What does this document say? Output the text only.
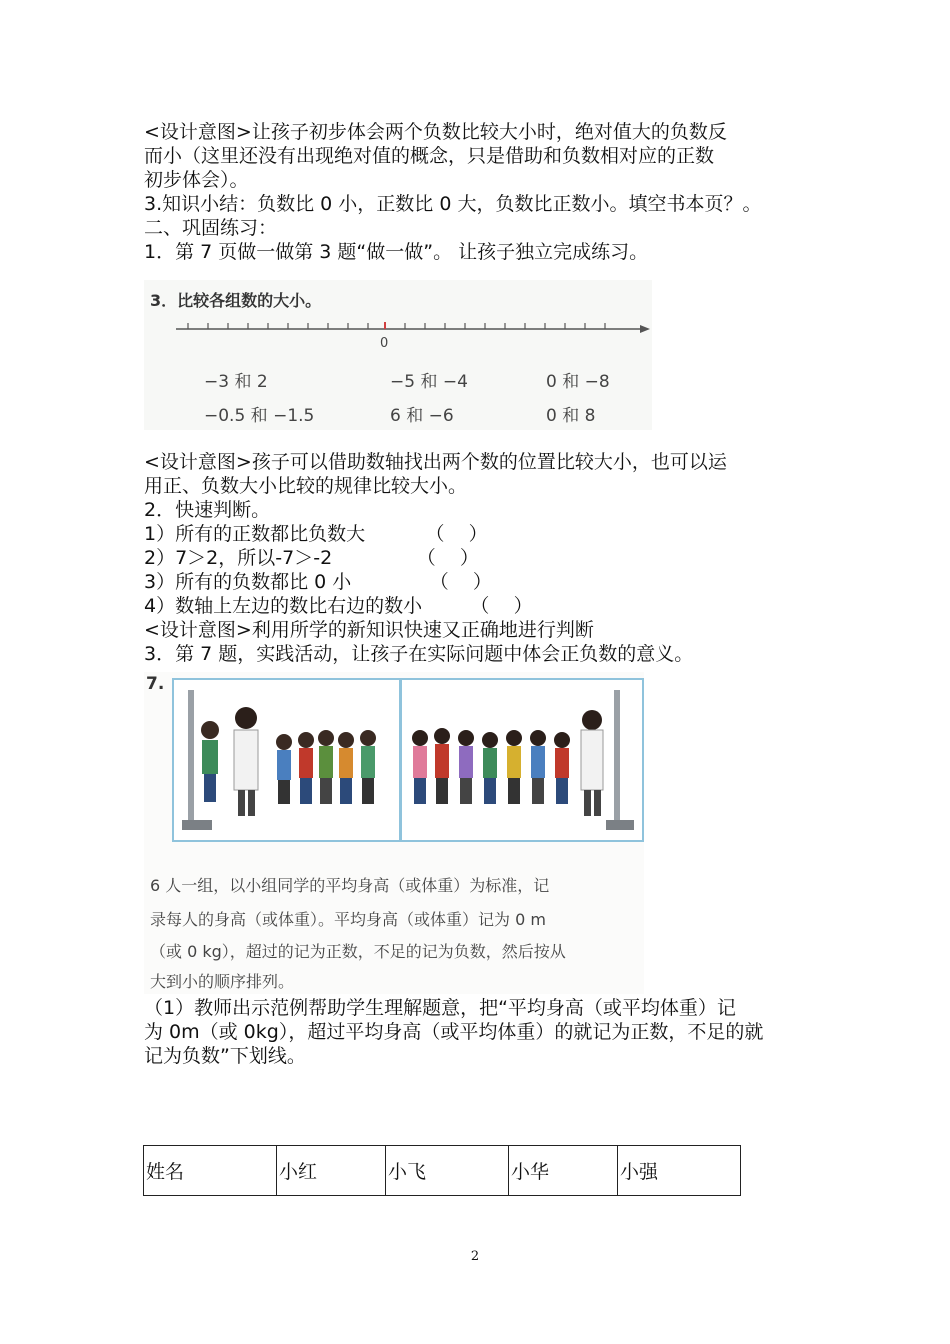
<设计意图>让孩子初步体会两个负数比较大小时，绝对值大的负数反

而小（这里还没有出现绝对值的概念，只是借助和负数相对应的正数

初步体会）。

3.知识小结：负数比 0 小，正数比 0 大，负数比正数小。填空书本页？。

二、巩固练习：

1．第 7 页做一做第 3 题“做一做”。 让孩子独立完成练习。

3．比较各组数的大小。
0
−3 和 2	−5 和 −4	0 和 −8
−0.5 和 −1.5	6 和 −6	0 和 8

<设计意图>孩子可以借助数轴找出两个数的位置比较大小，也可以运

用正、负数大小比较的规律比较大小。

2．快速判断。

1）所有的正数都比负数大          （    ）

2）7＞2，所以-7＞-2              （    ）

3）所有的负数都比 0 小             （    ）

4）数轴上左边的数比右边的数小        （    ）

<设计意图>利用所学的新知识快速又正确地进行判断

3．第 7 题，实践活动，让孩子在实际问题中体会正负数的意义。

7.
6 人一组，以小组同学的平均身高（或体重）为标准，记
录每人的身高（或体重）。平均身高（或体重）记为 0 m
（或 0 kg），超过的记为正数，不足的记为负数，然后按从
大到小的顺序排列。

（1）教师出示范例帮助学生理解题意，把“平均身高（或平均体重）记

为 0m（或 0kg），超过平均身高（或平均体重）的就记为正数，不足的就

记为负数”下划线。

姓名	小红	小飞	小华	小强
2
